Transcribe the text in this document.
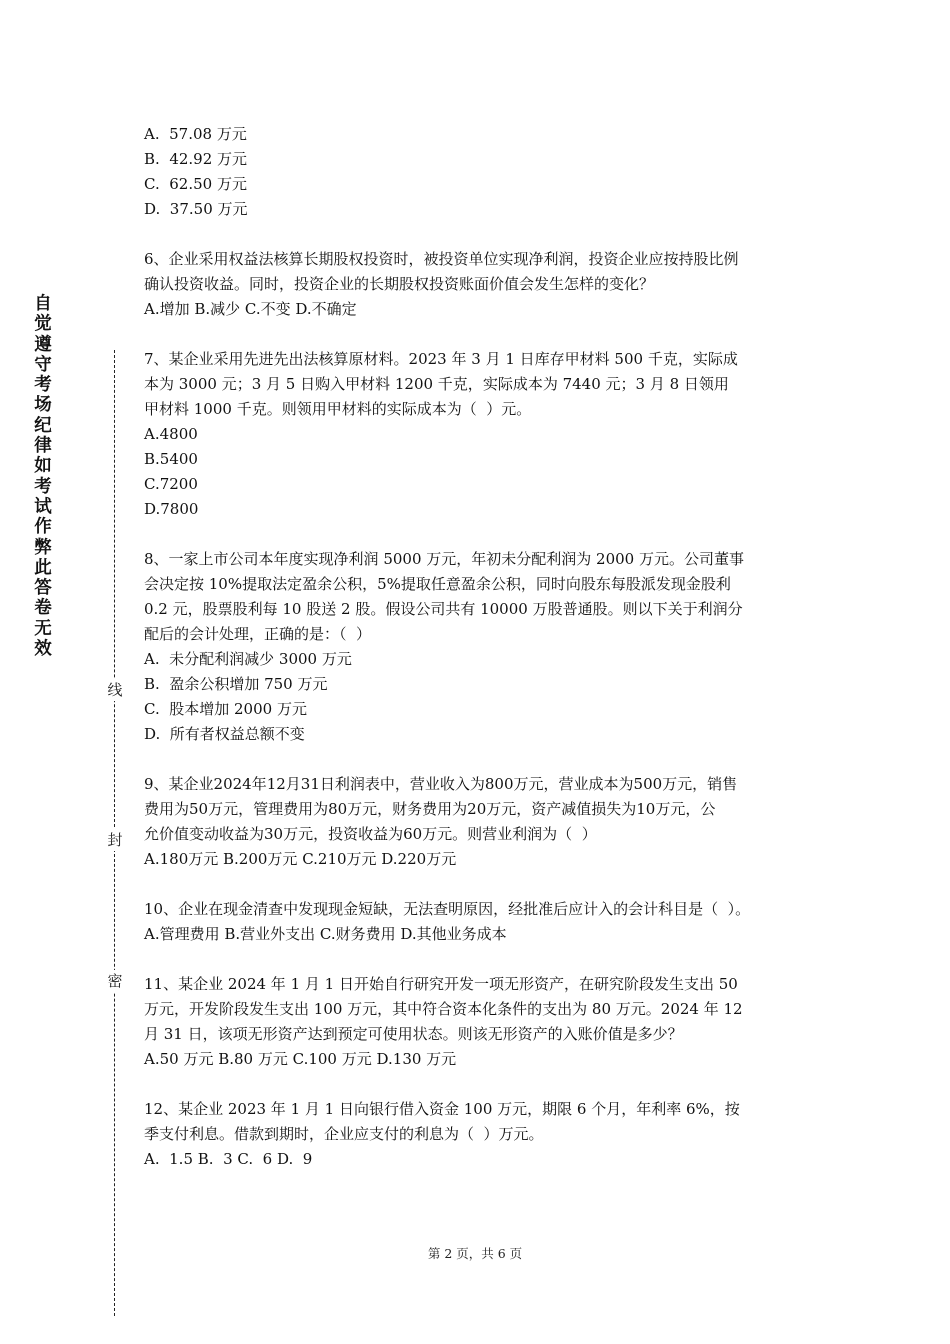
自觉遵守考场纪律如考试作弊此答卷无效
线
封
密
A.  57.08 万元
B.  42.92 万元
C.  62.50 万元
D.  37.50 万元
6、企业采用权益法核算长期股权投资时，被投资单位实现净利润，投资企业应按持股比例
确认投资收益。同时，投资企业的长期股权投资账面价值会发生怎样的变化？
A.增加 B.减少 C.不变 D.不确定
7、某企业采用先进先出法核算原材料。2023 年 3 月 1 日库存甲材料 500 千克，实际成
本为 3000 元；3 月 5 日购入甲材料 1200 千克，实际成本为 7440 元；3 月 8 日领用
甲材料 1000 千克。则领用甲材料的实际成本为（  ）元。
A.4800
B.5400
C.7200
D.7800
8、一家上市公司本年度实现净利润 5000 万元，年初未分配利润为 2000 万元。公司董事
会决定按 10%提取法定盈余公积，5%提取任意盈余公积，同时向股东每股派发现金股利
0.2 元，股票股利每 10 股送 2 股。假设公司共有 10000 万股普通股。则以下关于利润分
配后的会计处理，正确的是：（  ）
A.  未分配利润减少 3000 万元
B.  盈余公积增加 750 万元
C.  股本增加 2000 万元
D.  所有者权益总额不变
9、某企业2024年12月31日利润表中，营业收入为800万元，营业成本为500万元，销售
费用为50万元，管理费用为80万元，财务费用为20万元，资产减值损失为10万元，公
允价值变动收益为30万元，投资收益为60万元。则营业利润为（  ）
A.180万元 B.200万元 C.210万元 D.220万元
10、企业在现金清查中发现现金短缺，无法查明原因，经批准后应计入的会计科目是（  ）。
A.管理费用 B.营业外支出 C.财务费用 D.其他业务成本
11、某企业 2024 年 1 月 1 日开始自行研究开发一项无形资产，在研究阶段发生支出 50
万元，开发阶段发生支出 100 万元，其中符合资本化条件的支出为 80 万元。2024 年 12
月 31 日，该项无形资产达到预定可使用状态。则该无形资产的入账价值是多少？
A.50 万元 B.80 万元 C.100 万元 D.130 万元
12、某企业 2023 年 1 月 1 日向银行借入资金 100 万元，期限 6 个月，年利率 6%，按
季支付利息。借款到期时，企业应支付的利息为（  ）万元。
A.  1.5 B.  3 C.  6 D.  9
第 2 页，共 6 页
